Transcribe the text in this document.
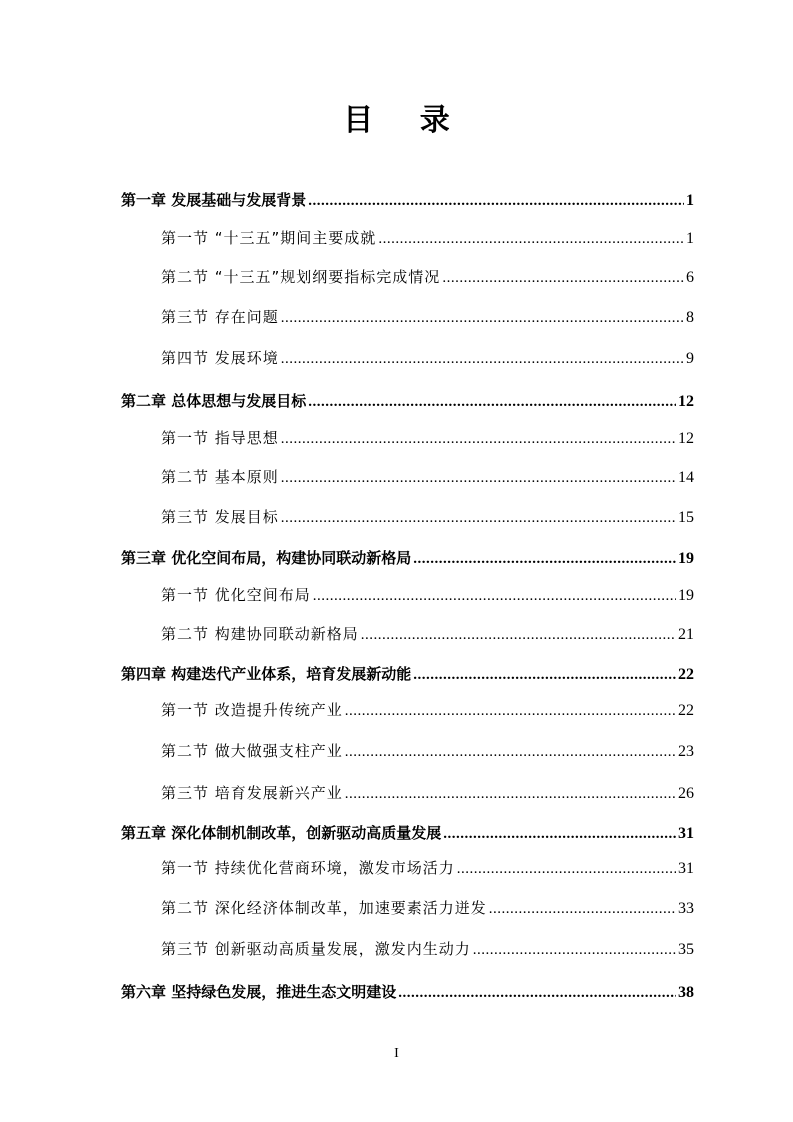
目 录
第一章 发展基础与发展背景 .....	1
第一节 “十三五”期间主要成就 .....	1
第二节 “十三五”规划纲要指标完成情况 .....	6
第三节 存在问题 .....	8
第四节 发展环境 .....	9
第二章 总体思想与发展目标 .....	12
第一节 指导思想 .....	12
第二节 基本原则 .....	14
第三节 发展目标 .....	15
第三章 优化空间布局，构建协同联动新格局 .....	19
第一节 优化空间布局 .....	19
第二节 构建协同联动新格局 .....	21
第四章 构建迭代产业体系，培育发展新动能 .....	22
第一节 改造提升传统产业 .....	22
第二节 做大做强支柱产业 .....	23
第三节 培育发展新兴产业 .....	26
第五章 深化体制机制改革，创新驱动高质量发展 .....	31
第一节 持续优化营商环境，激发市场活力 .....	31
第二节 深化经济体制改革，加速要素活力迸发 .....	33
第三节 创新驱动高质量发展，激发内生动力 .....	35
第六章 坚持绿色发展，推进生态文明建设 .....	38
I
